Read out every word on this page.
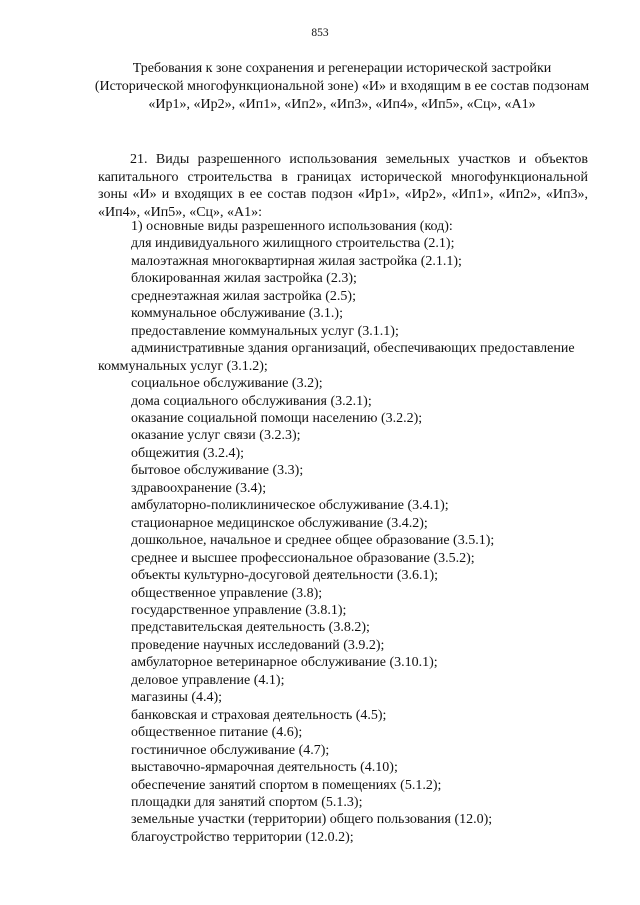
853
Требования к зоне сохранения и регенерации исторической застройки (Исторической многофункциональной зоне) «И» и входящим в ее состав подзонам «Ир1», «Ир2», «Ип1», «Ип2», «Ип3», «Ип4», «Ип5», «Сц», «А1»
21. Виды разрешенного использования земельных участков и объектов капитального строительства в границах исторической многофункциональной зоны «И» и входящих в ее состав подзон «Ир1», «Ир2», «Ип1», «Ип2», «Ип3», «Ип4», «Ип5», «Сц», «А1»:
1) основные виды разрешенного использования (код):
для индивидуального жилищного строительства (2.1);
малоэтажная многоквартирная жилая застройка (2.1.1);
блокированная жилая застройка (2.3);
среднеэтажная жилая застройка (2.5);
коммунальное обслуживание (3.1.);
предоставление коммунальных услуг (3.1.1);
административные здания организаций, обеспечивающих предоставление коммунальных услуг (3.1.2);
социальное обслуживание (3.2);
дома социального обслуживания (3.2.1);
оказание социальной помощи населению (3.2.2);
оказание услуг связи (3.2.3);
общежития (3.2.4);
бытовое обслуживание (3.3);
здравоохранение (3.4);
амбулаторно-поликлиническое обслуживание (3.4.1);
стационарное медицинское обслуживание (3.4.2);
дошкольное, начальное и среднее общее образование (3.5.1);
среднее и высшее профессиональное образование (3.5.2);
объекты культурно-досуговой деятельности (3.6.1);
общественное управление (3.8);
государственное управление (3.8.1);
представительская деятельность (3.8.2);
проведение научных исследований (3.9.2);
амбулаторное ветеринарное обслуживание (3.10.1);
деловое управление (4.1);
магазины (4.4);
банковская и страховая деятельность (4.5);
общественное питание (4.6);
гостиничное обслуживание (4.7);
выставочно-ярмарочная деятельность (4.10);
обеспечение занятий спортом в помещениях (5.1.2);
площадки для занятий спортом (5.1.3);
земельные участки (территории) общего пользования (12.0);
благоустройство территории (12.0.2);
